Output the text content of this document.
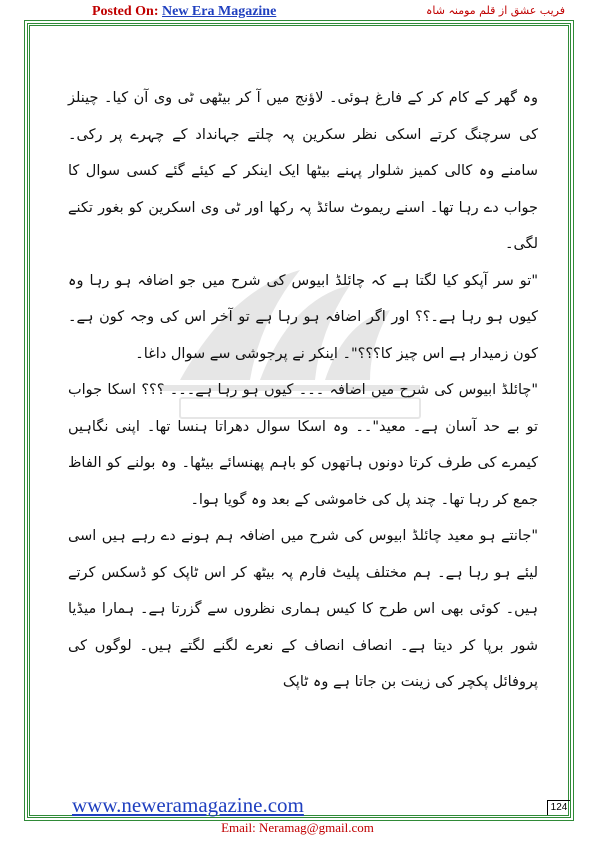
Posted On: New Era Magazine	فریب عشق از قلم مومنہ شاہ

وہ گھر کے کام کر کے فارغ ہوئی۔ لاؤنج میں آ کر بیٹھی ٹی وی آن کیا۔ چینلز کی سرچنگ کرتے اسکی نظر سکرین پہ چلتے جہانداد کے چہرے پر رکی۔ سامنے وہ کالی کمیز شلوار پہنے بیٹھا ایک اینکر کے کیئے گئے کسی سوال کا جواب دے رہا تھا۔ اسنے ریموٹ سائڈ پہ رکھا اور ٹی وی اسکرین کو بغور تکنے لگی۔

"تو سر آپکو کیا لگتا ہے کہ چائلڈ ابیوس کی شرح میں جو اضافہ ہو رہا وہ کیوں ہو رہا ہے۔؟؟ اور اگر اضافہ ہو رہا ہے تو آخر اس کی وجہ کون ہے۔ کون زمیدار ہے اس چیز کا؟؟؟"۔ اینکر نے پرجوشی سے سوال داغا۔

"چائلڈ ابیوس کی شرح میں اضافہ ۔۔۔ کیوں ہو رہا ہے۔۔۔ ؟؟؟ اسکا جواب تو بے حد آسان ہے۔ معید"۔۔ وہ اسکا سوال دھراتا ہنسا تھا۔ اپنی نگاہیں کیمرے کی طرف کرتا دونوں ہاتھوں کو باہم پھنسائے بیٹھا۔ وہ بولنے کو الفاظ جمع کر رہا تھا۔ چند پل کی خاموشی کے بعد وہ گویا ہوا۔

"جانتے ہو معید چائلڈ ابیوس کی شرح میں اضافہ ہم ہونے دے رہے ہیں اسی لیئے ہو رہا ہے۔ ہم مختلف پلیٹ فارم پہ بیٹھ کر اس ٹاپک کو ڈسکس کرتے ہیں۔ کوئی بھی اس طرح کا کیس ہماری نظروں سے گزرتا ہے۔ ہمارا میڈیا شور برپا کر دیتا ہے۔ انصاف انصاف کے نعرے لگنے لگتے ہیں۔ لوگوں کی پروفائل پکچر کی زینت بن جاتا ہے وہ ٹاپک

www.neweramagazine.com	124
Email: Neramag@gmail.com
